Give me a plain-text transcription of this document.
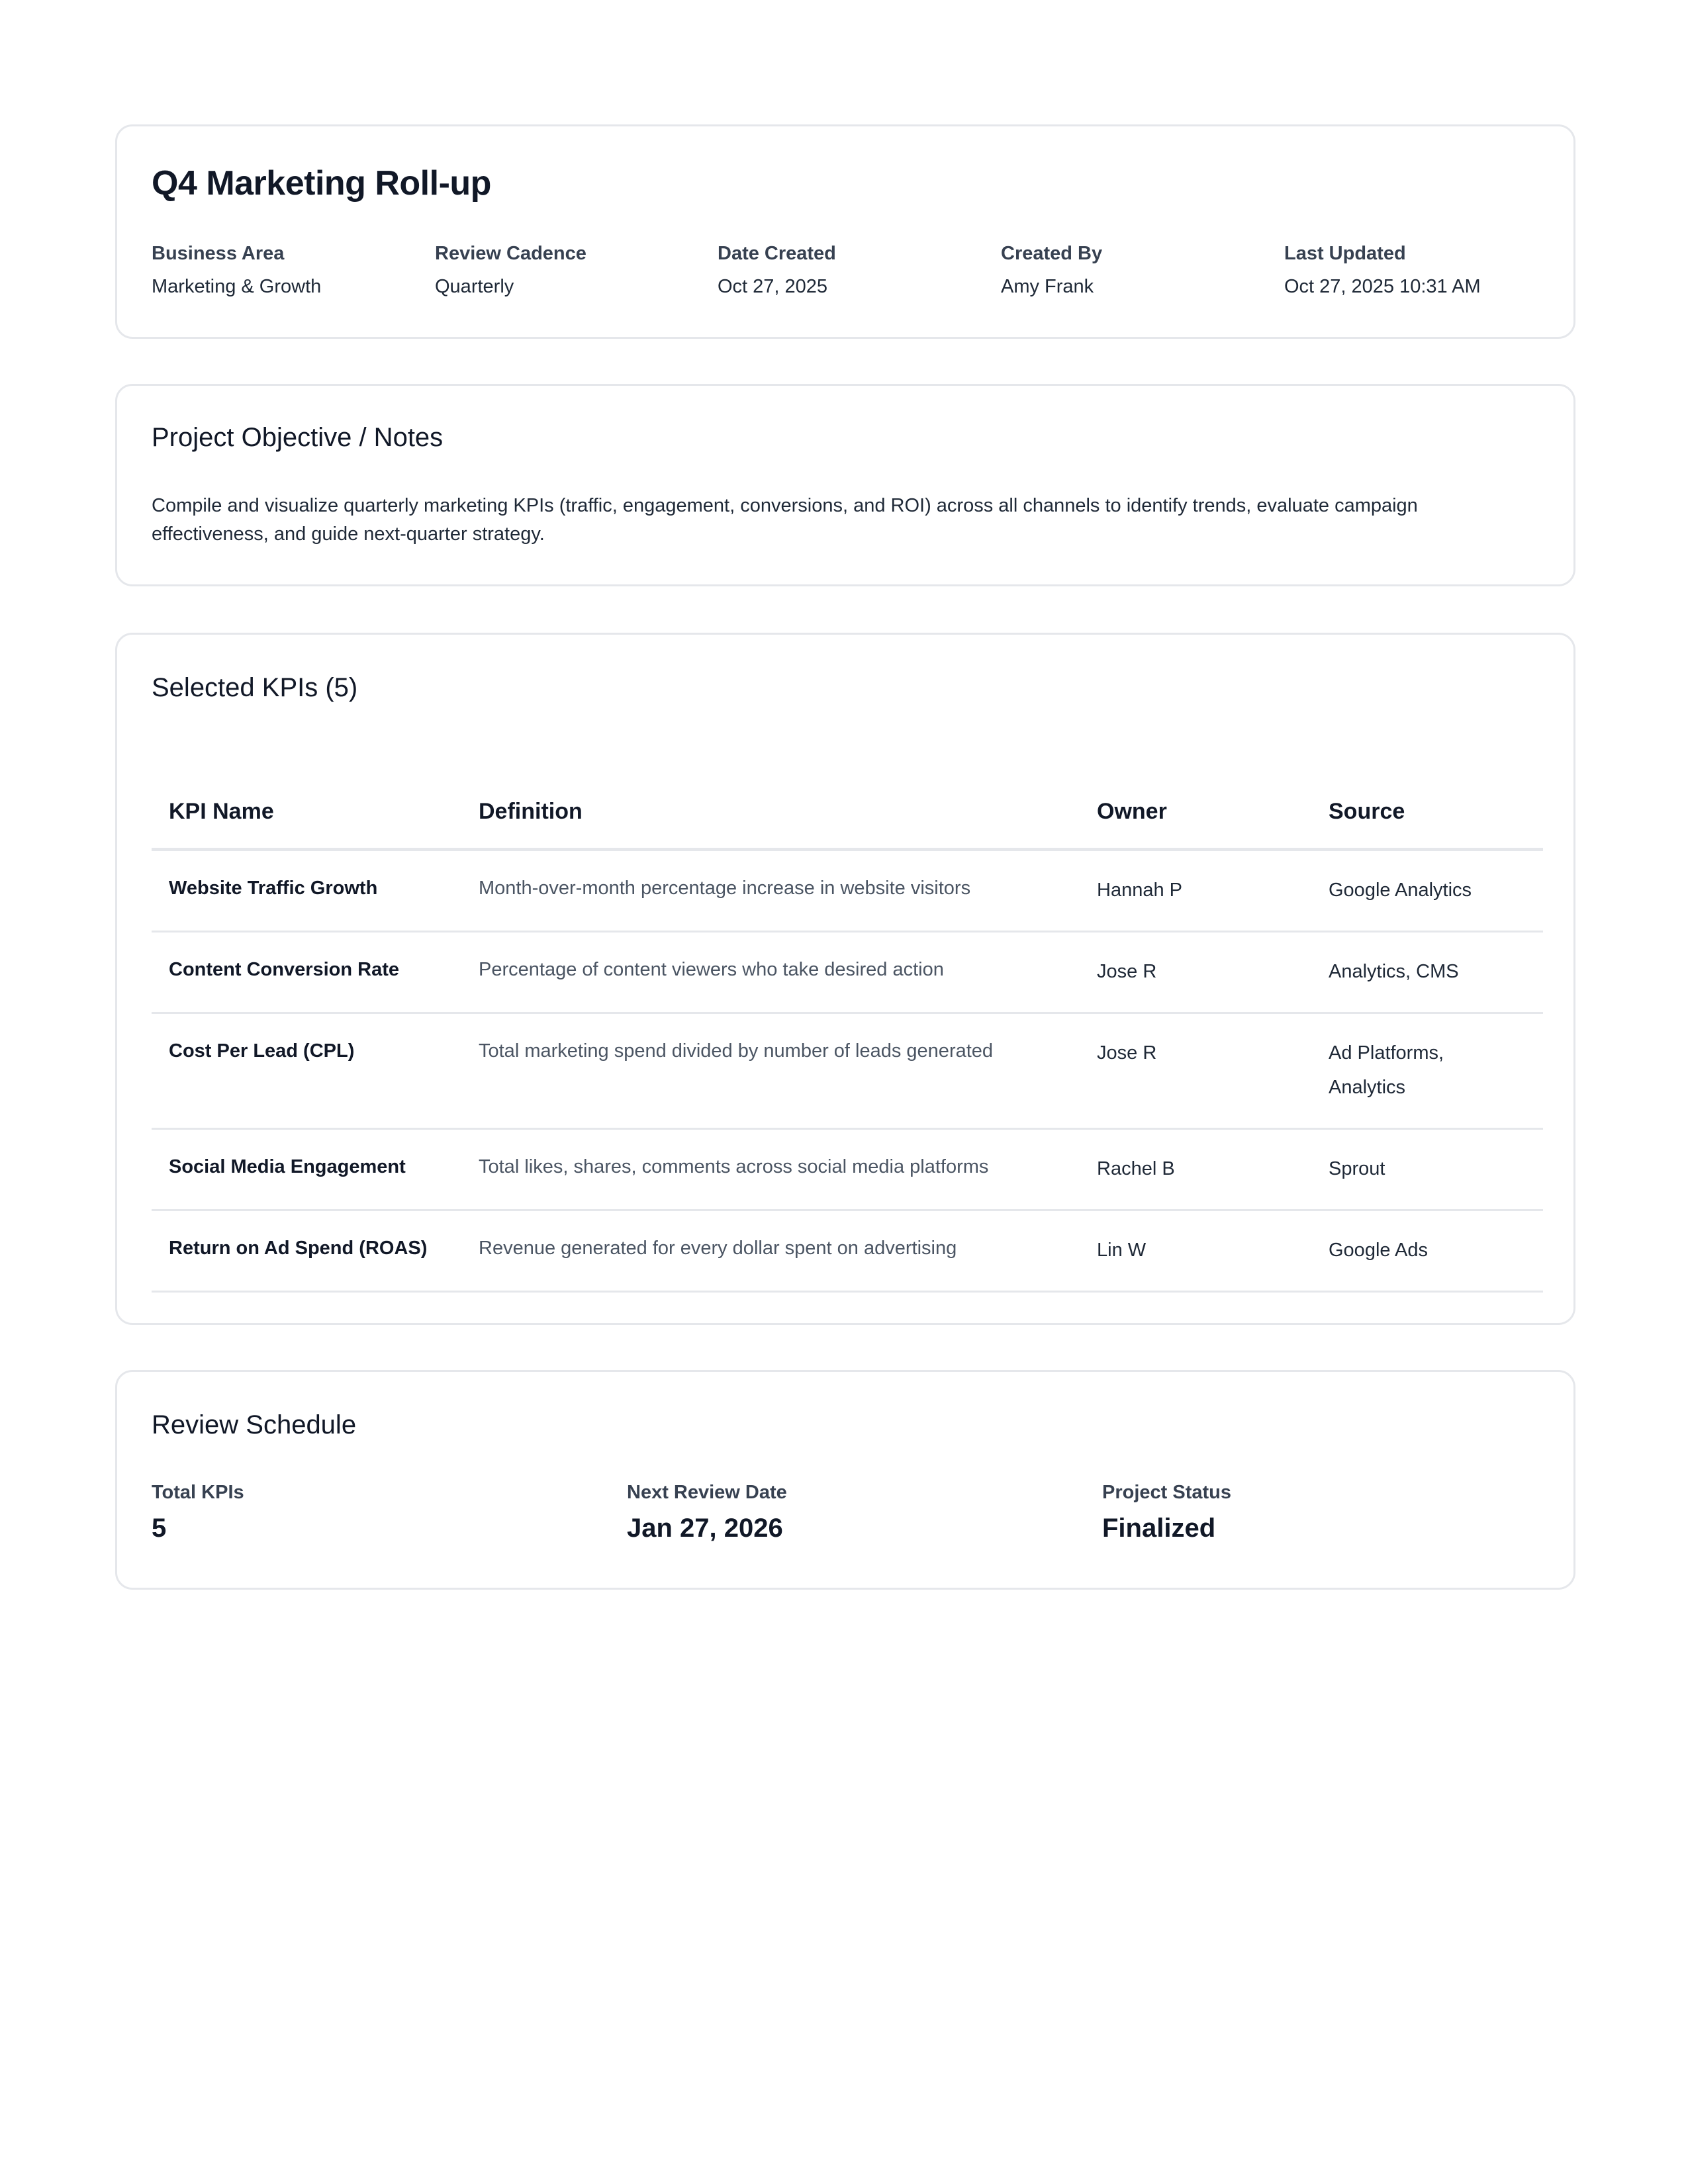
Q4 Marketing Roll-up
Business Area
Marketing & Growth
Review Cadence
Quarterly
Date Created
Oct 27, 2025
Created By
Amy Frank
Last Updated
Oct 27, 2025 10:31 AM
Project Objective / Notes
Compile and visualize quarterly marketing KPIs (traffic, engagement, conversions, and ROI) across all channels to identify trends, evaluate campaign effectiveness, and guide next-quarter strategy.
Selected KPIs (5)
KPI Name	Definition	Owner	Source
Website Traffic Growth	Month-over-month percentage increase in website visitors	Hannah P	Google Analytics
Content Conversion Rate	Percentage of content viewers who take desired action	Jose R	Analytics, CMS
Cost Per Lead (CPL)	Total marketing spend divided by number of leads generated	Jose R	Ad Platforms, Analytics
Social Media Engagement	Total likes, shares, comments across social media platforms	Rachel B	Sprout
Return on Ad Spend (ROAS)	Revenue generated for every dollar spent on advertising	Lin W	Google Ads
Review Schedule
Total KPIs
5
Next Review Date
Jan 27, 2026
Project Status
Finalized
